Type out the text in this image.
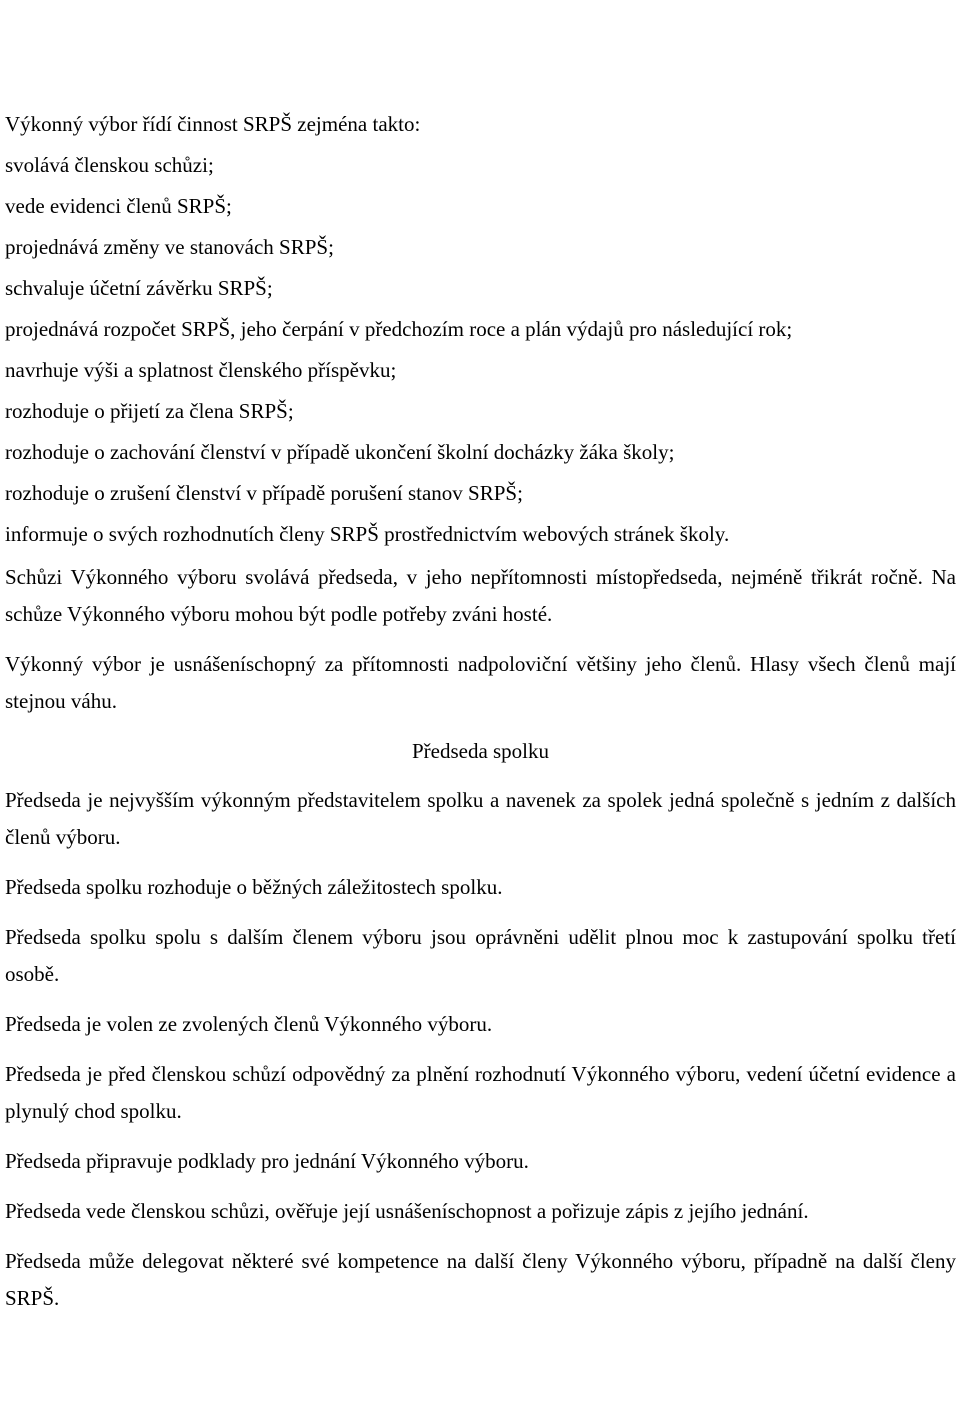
Výkonný výbor řídí činnost SRPŠ zejména takto:

svolává členskou schůzi;

vede evidenci členů SRPŠ;

projednává změny ve stanovách SRPŠ;

schvaluje účetní závěrku SRPŠ;

projednává rozpočet SRPŠ, jeho čerpání v předchozím roce a plán výdajů pro následující rok;

navrhuje výši a splatnost členského příspěvku;

rozhoduje o přijetí za člena SRPŠ;

rozhoduje o zachování členství v případě ukončení školní docházky žáka školy;

rozhoduje o zrušení členství v případě porušení stanov SRPŠ;

informuje o svých rozhodnutích členy SRPŠ prostřednictvím webových stránek školy.

Schůzi Výkonného výboru svolává předseda, v jeho nepřítomnosti místopředseda, nejméně třikrát ročně. Na schůze Výkonného výboru mohou být podle potřeby zváni hosté.

Výkonný výbor je usnášeníschopný za přítomnosti nadpoloviční většiny jeho členů. Hlasy všech členů mají stejnou váhu.

Předseda spolku

Předseda je nejvyšším výkonným představitelem spolku a navenek za spolek jedná společně s jedním z dalších členů výboru.

Předseda spolku rozhoduje o běžných záležitostech spolku.

Předseda spolku spolu s dalším členem výboru jsou oprávněni udělit plnou moc k zastupování spolku třetí osobě.

Předseda je volen ze zvolených členů Výkonného výboru.

Předseda je před členskou schůzí odpovědný za plnění rozhodnutí Výkonného výboru, vedení účetní evidence a plynulý chod spolku.

Předseda připravuje podklady pro jednání Výkonného výboru.

Předseda vede členskou schůzi, ověřuje její usnášeníschopnost a pořizuje zápis z jejího jednání.

Předseda může delegovat některé své kompetence na další členy Výkonného výboru, případně na další členy SRPŠ.
